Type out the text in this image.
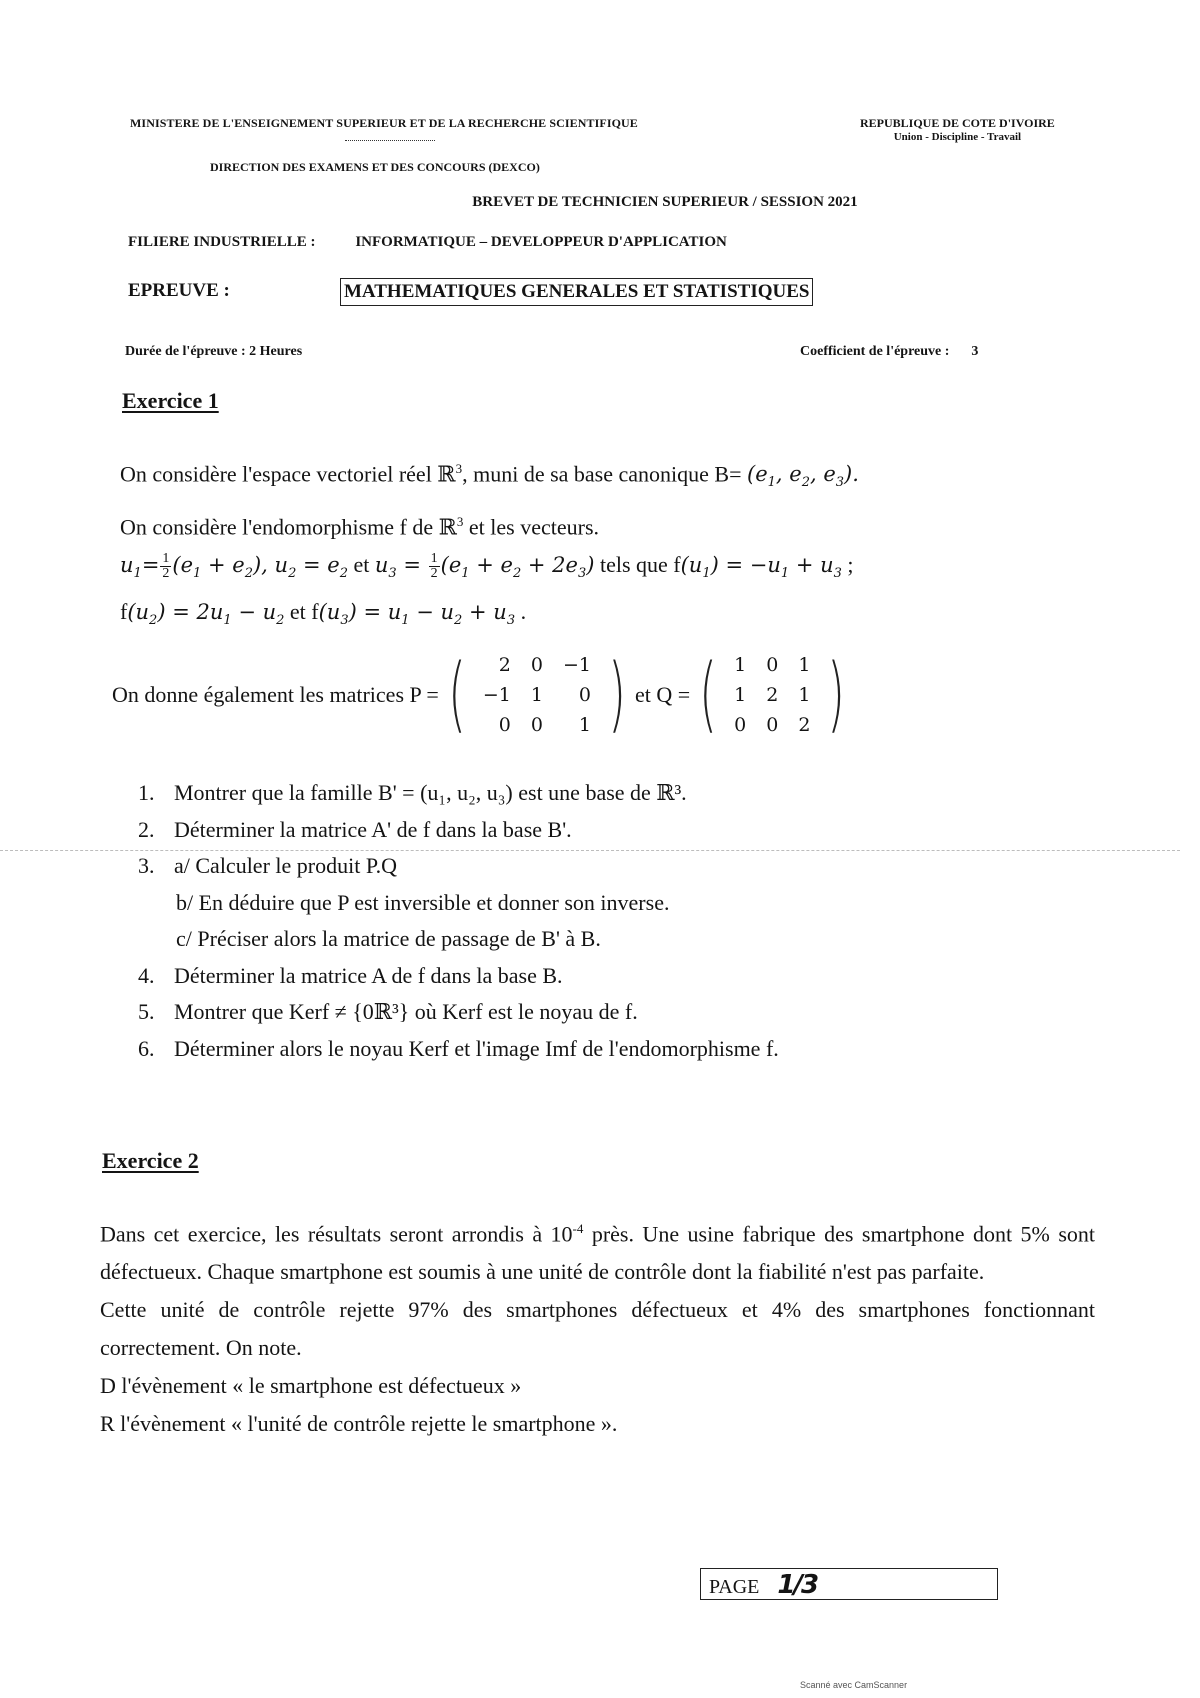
MINISTERE DE L'ENSEIGNEMENT SUPERIEUR ET DE LA RECHERCHE SCIENTIFIQUE
DIRECTION DES EXAMENS ET DES CONCOURS (DEXCO)
REPUBLIQUE DE COTE D'IVOIRE
Union - Discipline - Travail
BREVET DE TECHNICIEN SUPERIEUR / SESSION 2021
FILIERE INDUSTRIELLE :	INFORMATIQUE – DEVELOPPEUR D'APPLICATION
EPREUVE :	MATHEMATIQUES GENERALES ET STATISTIQUES
Durée de l'épreuve : 2 Heures	Coefficient de l'épreuve : 3
Exercice 1
On considère l'espace vectoriel réel ℝ$^3$, muni de sa base canonique $B= (e_1$, $e_2$, $e_3$).
On considère l'endomorphisme f de ℝ$^3$ et les vecteurs.
$u_1= \frac{1}{2} (e_1 + e_2)$, $u_2 = e_2$ et $u_3 = \frac{1}{2} (e_1 + e_2 + 2e_3)$ tels que $f(u_1) = -u_1 + u_3$ ;
$f(u_2) = 2u_1 - u_2$ et $f(u_3) = u_1 - u_2 + u_3$ .
On donne également les matrices P = ( 2	0	−1
−1	1	0
0	0	1 ) et Q = ( 1	0	1
1	2	1
0	0	2 )
1. Montrer que la famille B' = (u₁, u₂, u₃) est une base de ℝ³.
2. Déterminer la matrice A' de f dans la base B'.
3. a/ Calculer le produit P.Q
b/ En déduire que P est inversible et donner son inverse.
c/ Préciser alors la matrice de passage de B' à B.
4. Déterminer la matrice A de f dans la base B.
5. Montrer que Kerf ≠ {0ℝ³} où Kerf est le noyau de f.
6. Déterminer alors le noyau Kerf et l'image Imf de l'endomorphisme f.
Exercice 2
Dans cet exercice, les résultats seront arrondis à $10^{-4}$ près. Une usine fabrique des smartphone dont 5% sont défectueux. Chaque smartphone est soumis à une unité de contrôle dont la fiabilité n'est pas parfaite.
Cette unité de contrôle rejette 97% des smartphones défectueux et 4% des smartphones fonctionnant correctement. On note.
D l'évènement « le smartphone est défectueux »
R l'évènement « l'unité de contrôle rejette le smartphone ».
PAGE 1/3
Scanné avec CamScanner
